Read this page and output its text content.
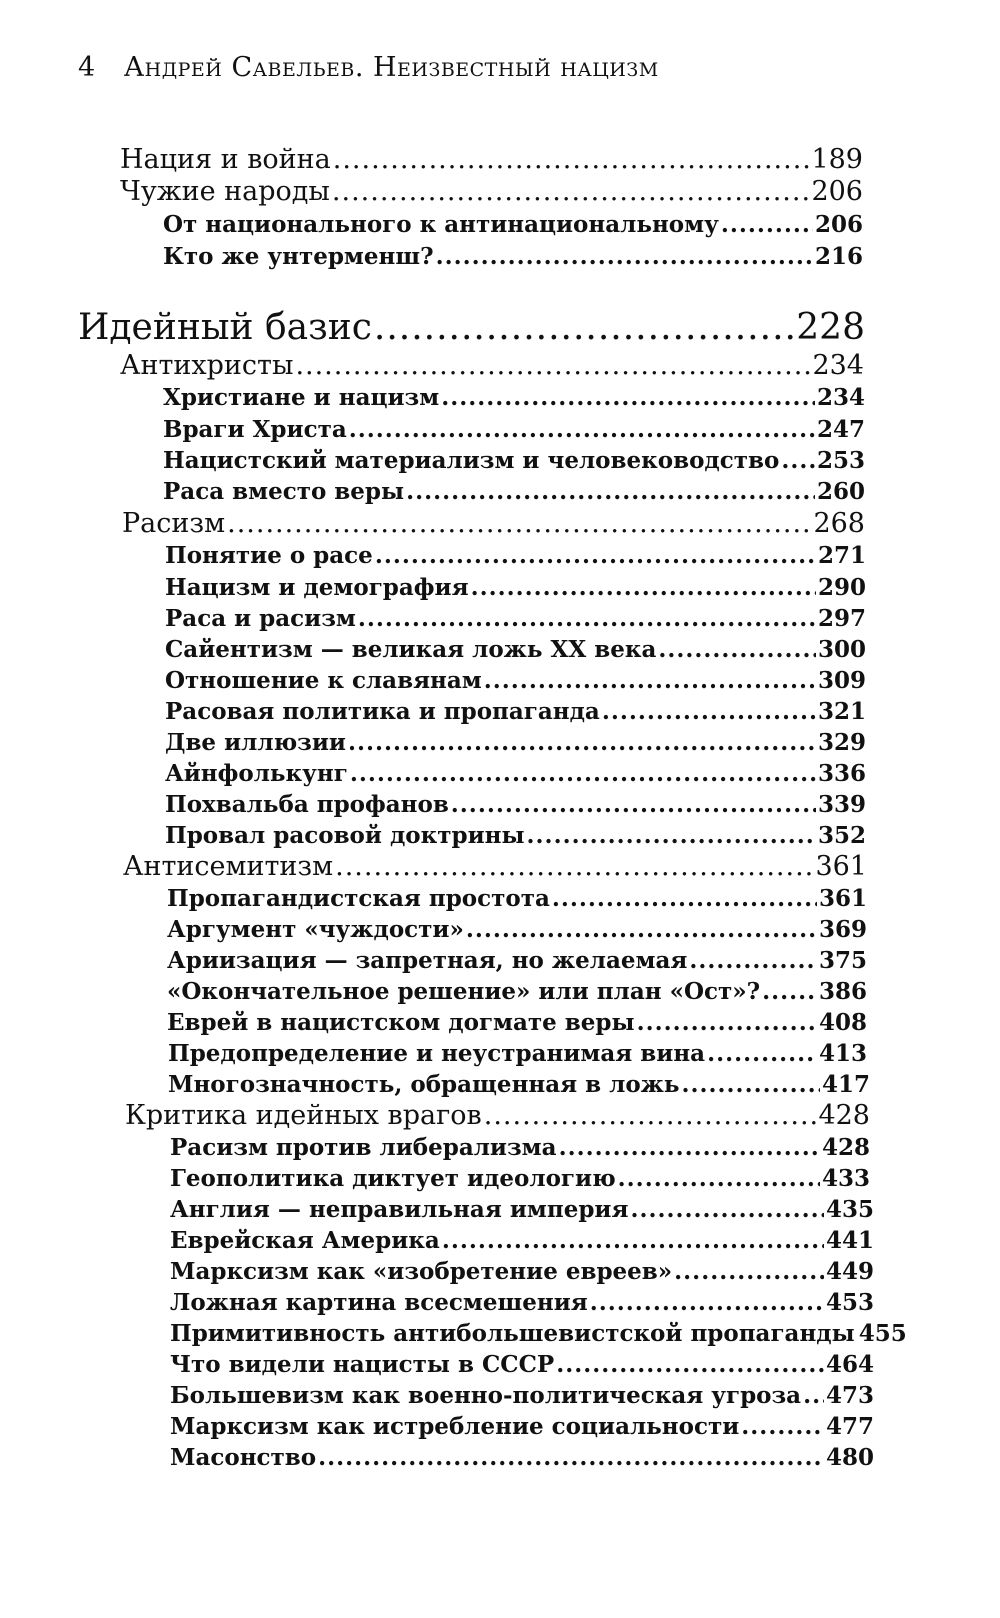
4 Андрей Савельев. Неизвестный нацизм
Нация и война .....	189
Чужие народы .....	206
От национального к антинациональному .....	206
Кто же унтерменш? .....	216
Идейный базис .....	228
Антихристы .....	234
Христиане и нацизм .....	234
Враги Христа .....	247
Нацистский материализм и человеководство ..... 253
Раса вместо веры .....	260
Расизм .....	268
Понятие о расе .....	271
Нацизм и демография .....	290
Раса и расизм .....	297
Сайентизм — великая ложь XX века .....	300
Отношение к славянам .....	309
Расовая политика и пропаганда .....	321
Две иллюзии .....	329
Айнфолькунг .....	336
Похвальба профанов .....	339
Провал расовой доктрины .....	352
Антисемитизм .....	361
Пропагандистская простота .....	361
Аргумент «чуждости» .....	369
Ариизация — запретная, но желаемая .....	375
«Окончательное решение» или план «Ост»? .....	386
Еврей в нацистском догмате веры .....	408
Предопределение и неустранимая вина .....	413
Многозначность, обращенная в ложь .....	417
Критика идейных врагов .....	428
Расизм против либерализма .....	428
Геополитика диктует идеологию .....	433
Англия — неправильная империя .....	435
Еврейская Америка .....	441
Марксизм как «изобретение евреев» .....	449
Ложная картина всесмешения .....	453
Примитивность антибольшевистской пропаганды 455
Что видели нацисты в СССР .....	464
Большевизм как военно-политическая угроза ..... 473
Марксизм как истребление социальности .....	477
Масонство .....	480
